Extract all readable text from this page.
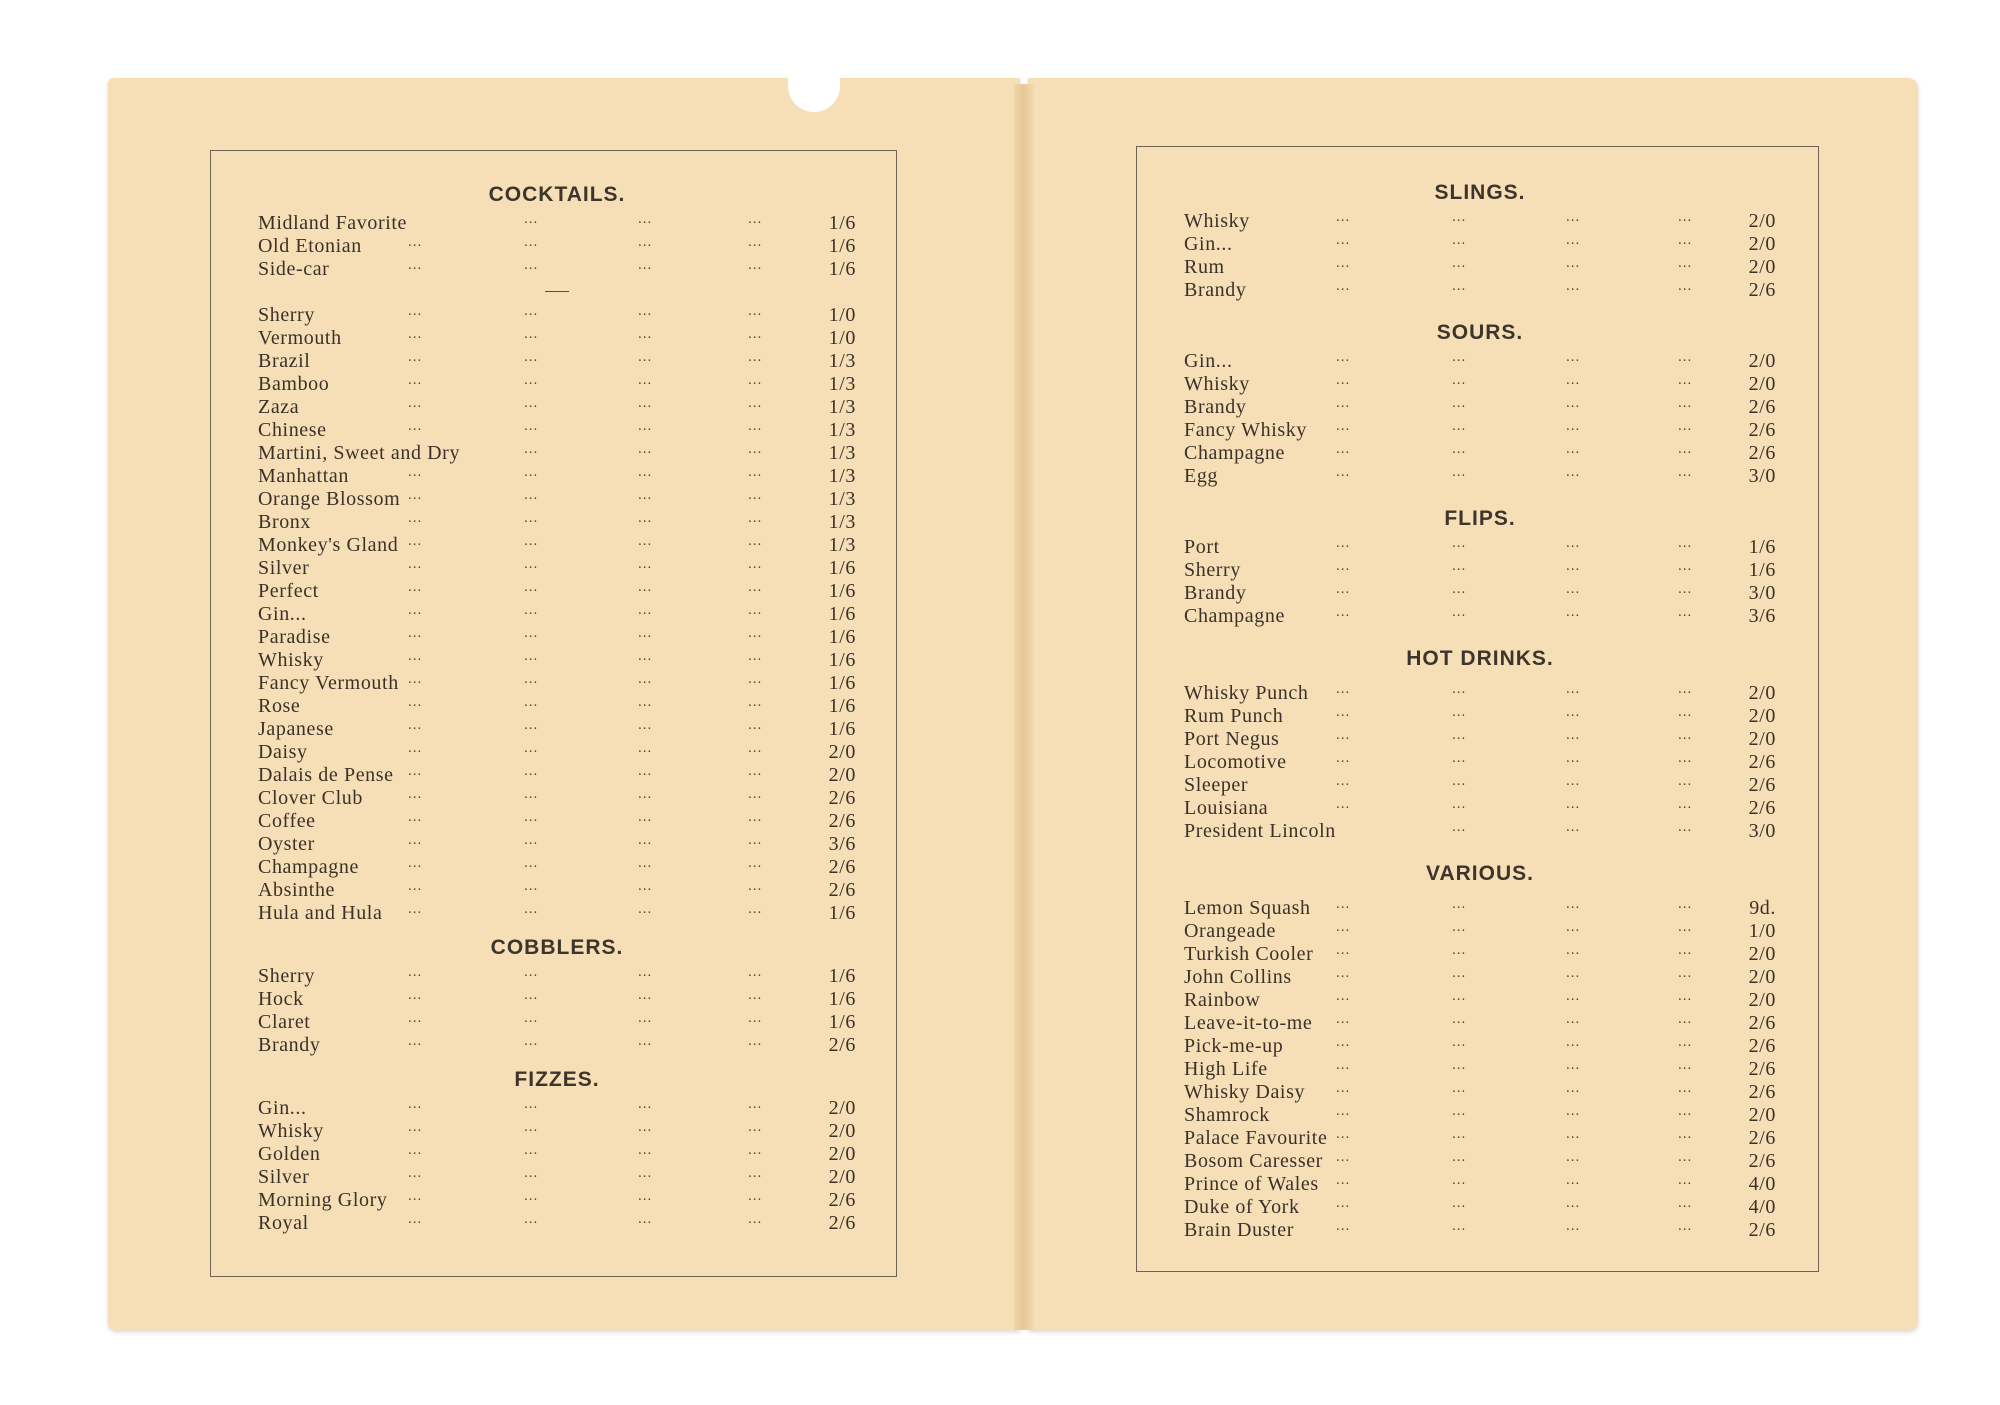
COCKTAILS.
Midland Favorite	...	...	...	1/6
Old Etonian	...	...	...	...	1/6
Side-car	...	...	...	...	1/6
Sherry	...	...	...	...	1/0
Vermouth	...	...	...	...	1/0
Brazil	...	...	...	...	1/3
Bamboo	...	...	...	...	1/3
Zaza	...	...	...	...	1/3
Chinese	...	...	...	...	1/3
Martini, Sweet and Dry	...	...	...	1/3
Manhattan	...	...	...	...	1/3
Orange Blossom ...	...	...	...	1/3
Bronx	...	...	...	...	1/3
Monkey's Gland ...	...	...	...	1/3
Silver	...	...	...	...	1/6
Perfect	...	...	...	...	1/6
Gin...	...	...	...	...	1/6
Paradise	...	...	...	...	1/6
Whisky	...	...	...	...	1/6
Fancy Vermouth ...	...	...	...	1/6
Rose	...	...	...	...	1/6
Japanese	...	...	...	...	1/6
Daisy	...	...	...	...	2/0
Dalais de Pense ...	...	...	...	2/0
Clover Club	...	...	...	...	2/6
Coffee	...	...	...	...	2/6
Oyster	...	...	...	...	3/6
Champagne	...	...	...	...	2/6
Absinthe	...	...	...	...	2/6
Hula and Hula ...	...	...	...	1/6
COBBLERS.
Sherry	...	...	...	...	1/6
Hock	...	...	...	...	1/6
Claret	...	...	...	...	1/6
Brandy	...	...	...	...	2/6
FIZZES.
Gin...	...	...	...	...	2/0
Whisky	...	...	...	...	2/0
Golden	...	...	...	...	2/0
Silver	...	...	...	...	2/0
Morning Glory ...	...	...	...	2/6
Royal	...	...	...	...	2/6
SLINGS.
Whisky	...	...	...	...	2/0
Gin...	...	...	...	...	2/0
Rum	...	...	...	...	2/0
Brandy	...	...	...	...	2/6
SOURS.
Gin...	...	...	...	...	2/0
Whisky	...	...	...	...	2/0
Brandy	...	...	...	...	2/6
Fancy Whisky ...	...	...	...	2/6
Champagne	...	...	...	...	2/6
Egg	...	...	...	...	3/0
FLIPS.
Port	...	...	...	...	1/6
Sherry	...	...	...	...	1/6
Brandy	...	...	...	...	3/0
Champagne	...	...	...	...	3/6
HOT DRINKS.
Whisky Punch ...	...	...	...	2/0
Rum Punch	...	...	...	...	2/0
Port Negus	...	...	...	...	2/0
Locomotive	...	...	...	...	2/6
Sleeper	...	...	...	...	2/6
Louisiana	...	...	...	...	2/6
President Lincoln	...	...	...	3/0
VARIOUS.
Lemon Squash ...	...	...	...	9d.
Orangeade	...	...	...	...	1/0
Turkish Cooler ...	...	...	...	2/0
John Collins	...	...	...	...	2/0
Rainbow	...	...	...	...	2/0
Leave-it-to-me ...	...	...	...	2/6
Pick-me-up	...	...	...	...	2/6
High Life	...	...	...	...	2/6
Whisky Daisy ...	...	...	...	2/6
Shamrock	...	...	...	...	2/0
Palace Favourite ...	...	...	...	2/6
Bosom Caresser ...	...	...	...	2/6
Prince of Wales ...	...	...	...	4/0
Duke of York ...	...	...	...	4/0
Brain Duster	...	...	...	...	2/6
